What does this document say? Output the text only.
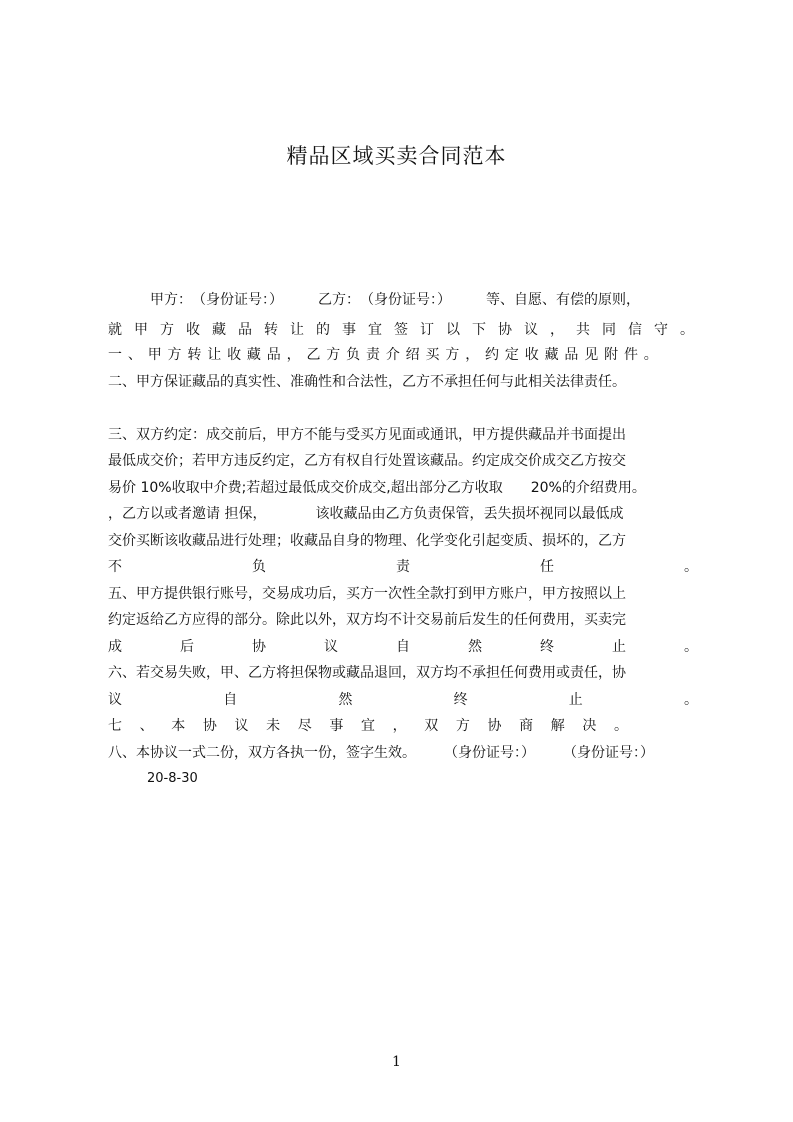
精品区域买卖合同范本
　　　甲方：　（身份证号：）　　　乙方：　（身份证号：）　　　等、自愿、有偿的原则，
就 甲 方 收 藏 品 转 让 的 事 宜 签 订 以 下 协 议 ， 共 同 信 守 。
一 、 甲 方 转 让 收 藏 品 ， 乙 方 负 责 介 绍 买 方 ， 约 定 收 藏 品 见 附 件 。
二、甲方保证藏品的真实性、准确性和合法性，乙方不承担任何与此相关法律责任。
三、双方约定：成交前后，甲方不能与受买方见面或通讯，甲方提供藏品并书面提出
最低成交价；若甲方违反约定，乙方有权自行处置该藏品。约定成交价成交乙方按交
易价 10%收取中介费;若超过最低成交价成交,超出部分乙方收取　　20%的介绍费用。
，乙方以或者邀请 担保，　　　　该收藏品由乙方负责保管，丢失损坏视同以最低成
交价买断该收藏品进行处理；收藏品自身的物理、化学变化引起变质、损坏的，乙方
不	负	责	任	。
五、甲方提供银行账号，交易成功后，买方一次性全款打到甲方账户，甲方按照以上
约定返给乙方应得的部分。除此以外，双方均不计交易前后发生的任何费用，买卖完
成	后	协	议	自	然	终	止	。
六、若交易失败，甲、乙方将担保物或藏品退回，双方均不承担任何费用或责任，协
议	自	然	终	止	。
七 、 本 协 议 未 尽 事 宜 ， 双 方 协 商 解 决 。
八、本协议一式二份，双方各执一份，签字生效。　　　（身份证号：）　　　（身份证号：）
　　　20-8-30
1
